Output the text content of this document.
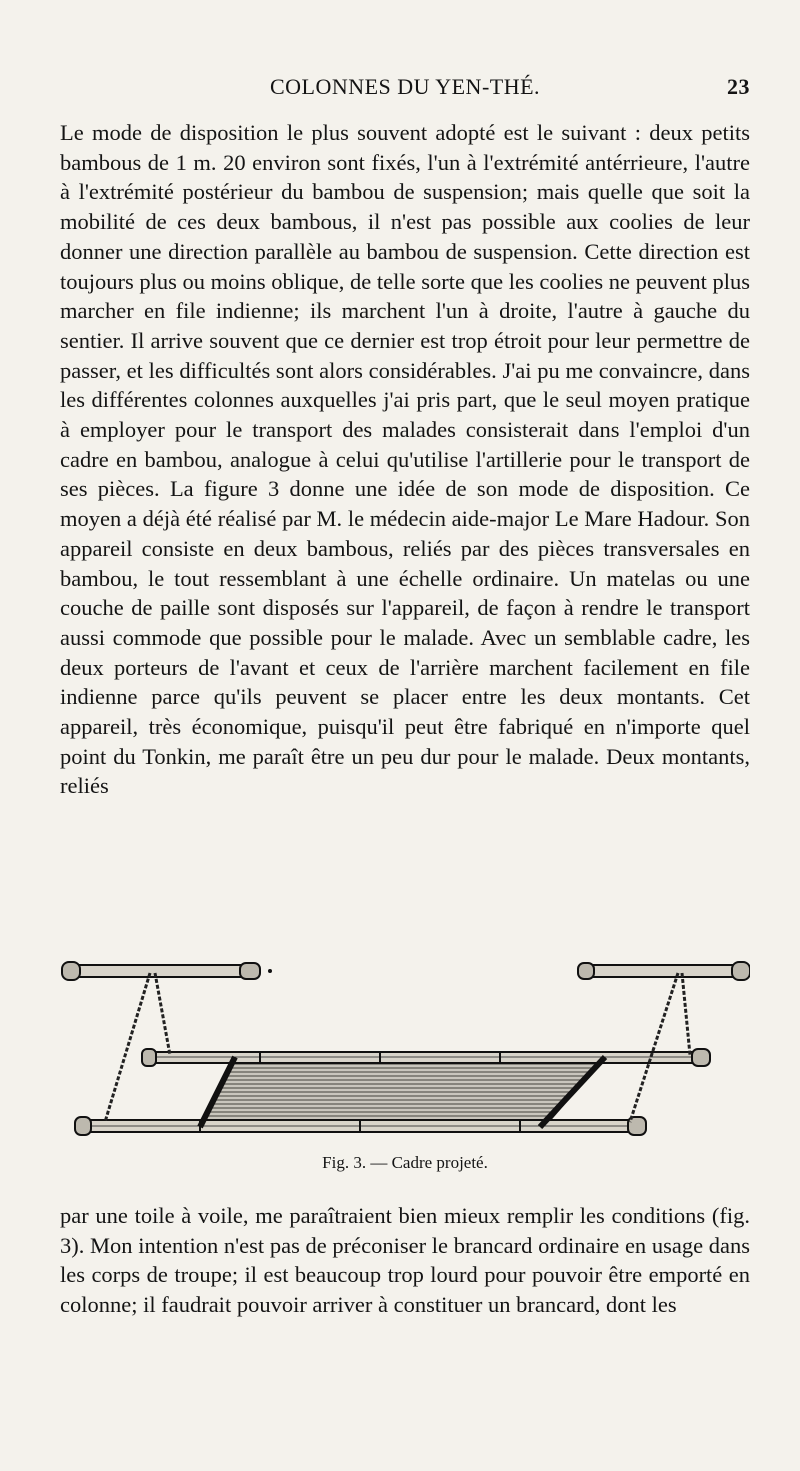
COLONNES DU YEN-THÉ.	23
Le mode de disposition le plus souvent adopté est le suivant : deux petits bambous de 1 m. 20 environ sont fixés, l'un à l'extrémité antérrieure, l'autre à l'extrémité postérieur du bambou de suspension; mais quelle que soit la mobilité de ces deux bambous, il n'est pas possible aux coolies de leur donner une direction parallèle au bambou de suspension. Cette direction est toujours plus ou moins oblique, de telle sorte que les coolies ne peuvent plus marcher en file indienne; ils marchent l'un à droite, l'autre à gauche du sentier. Il arrive souvent que ce dernier est trop étroit pour leur permettre de passer, et les difficultés sont alors considérables. J'ai pu me convaincre, dans les différentes colonnes auxquelles j'ai pris part, que le seul moyen pratique à employer pour le transport des malades consisterait dans l'emploi d'un cadre en bambou, analogue à celui qu'utilise l'artillerie pour le transport de ses pièces. La figure 3 donne une idée de son mode de disposition. Ce moyen a déjà été réalisé par M. le médecin aide-major Le Mare Hadour. Son appareil consiste en deux bambous, reliés par des pièces transversales en bambou, le tout ressemblant à une échelle ordinaire. Un matelas ou une couche de paille sont disposés sur l'appareil, de façon à rendre le transport aussi commode que possible pour le malade. Avec un semblable cadre, les deux porteurs de l'avant et ceux de l'arrière marchent facilement en file indienne parce qu'ils peuvent se placer entre les deux montants. Cet appareil, très économique, puisqu'il peut être fabriqué en n'importe quel point du Tonkin, me paraît être un peu dur pour le malade. Deux montants, reliés
Fig. 3. — Cadre projeté.
par une toile à voile, me paraîtraient bien mieux remplir les conditions (fig. 3). Mon intention n'est pas de préconiser le brancard ordinaire en usage dans les corps de troupe; il est beaucoup trop lourd pour pouvoir être emporté en colonne; il faudrait pouvoir arriver à constituer un brancard, dont les
